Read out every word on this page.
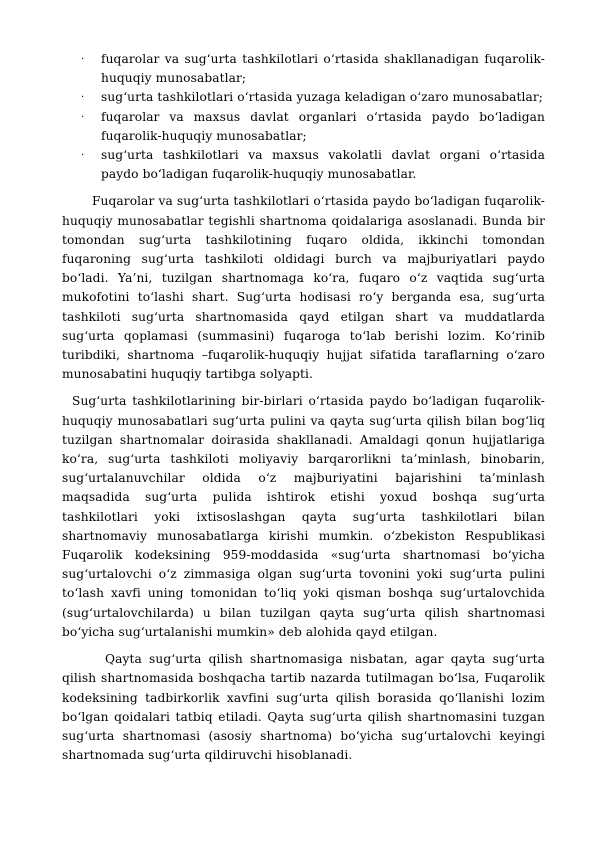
· fuqarolar va sug‘urta tashkilotlari o‘rtasida shakllanadigan fuqarolik-huquqiy munosabatlar;
· sug‘urta tashkilotlari o‘rtasida yuzaga keladigan o‘zaro munosabatlar;
· fuqarolar va maxsus davlat organlari o‘rtasida paydo bo‘ladigan fuqarolik-huquqiy munosabatlar;
· sug‘urta tashkilotlari va maxsus vakolatli davlat organi o‘rtasida paydo bo‘ladigan fuqarolik-huquqiy munosabatlar.

Fuqarolar va sug‘urta tashkilotlari o‘rtasida paydo bo‘ladigan fuqarolik-huquqiy munosabatlar tegishli shartnoma qoidalariga asoslanadi. Bunda bir tomondan sug‘urta tashkilotining fuqaro oldida, ikkinchi tomondan fuqaroning sug‘urta tashkiloti oldidagi burch va majburiyatlari paydo bo‘ladi. Ya’ni, tuzilgan shartnomaga ko‘ra, fuqaro o‘z vaqtida sug‘urta mukofotini to‘lashi shart. Sug‘urta hodisasi ro‘y berganda esa, sug‘urta tashkiloti sug‘urta shartnomasida qayd etilgan shart va muddatlarda sug‘urta qoplamasi (summasini) fuqaroga to‘lab berishi lozim. Ko‘rinib turibdiki, shartnoma –fuqarolik-huquqiy hujjat sifatida taraflarning o‘zaro munosabatini huquqiy tartibga solyapti.

Sug‘urta tashkilotlarining bir-birlari o‘rtasida paydo bo‘ladigan fuqarolik-huquqiy munosabatlari sug‘urta pulini va qayta sug‘urta qilish bilan bog‘liq tuzilgan shartnomalar doirasida shakllanadi. Amaldagi qonun hujjatlariga ko‘ra, sug‘urta tashkiloti moliyaviy barqarorlikni ta’minlash, binobarin, sug‘urtalanuvchilar oldida o‘z majburiyatini bajarishini ta’minlash maqsadida sug‘urta pulida ishtirok etishi yoxud boshqa sug‘urta tashkilotlari yoki ixtisoslashgan qayta sug‘urta tashkilotlari bilan shartnomaviy munosabatlarga kirishi mumkin. o‘zbekiston Respublikasi Fuqarolik kodeksining 959-moddasida «sug‘urta shartnomasi bo‘yicha sug‘urtalovchi o‘z zimmasiga olgan sug‘urta tovonini yoki sug‘urta pulini to‘lash xavfi uning tomonidan to‘liq yoki qisman boshqa sug‘urtalovchida (sug‘urtalovchilarda) u bilan tuzilgan qayta sug‘urta qilish shartnomasi bo‘yicha sug‘urtalanishi mumkin» deb alohida qayd etilgan.

Qayta sug‘urta qilish shartnomasiga nisbatan, agar qayta sug‘urta qilish shartnomasida boshqacha tartib nazarda tutilmagan bo‘lsa, Fuqarolik kodeksining tadbirkorlik xavfini sug‘urta qilish borasida qo‘llanishi lozim bo‘lgan qoidalari tatbiq etiladi. Qayta sug‘urta qilish shartnomasini tuzgan sug‘urta shartnomasi (asosiy shartnoma) bo‘yicha sug‘urtalovchi keyingi shartnomada sug‘urta qildiruvchi hisoblanadi.
